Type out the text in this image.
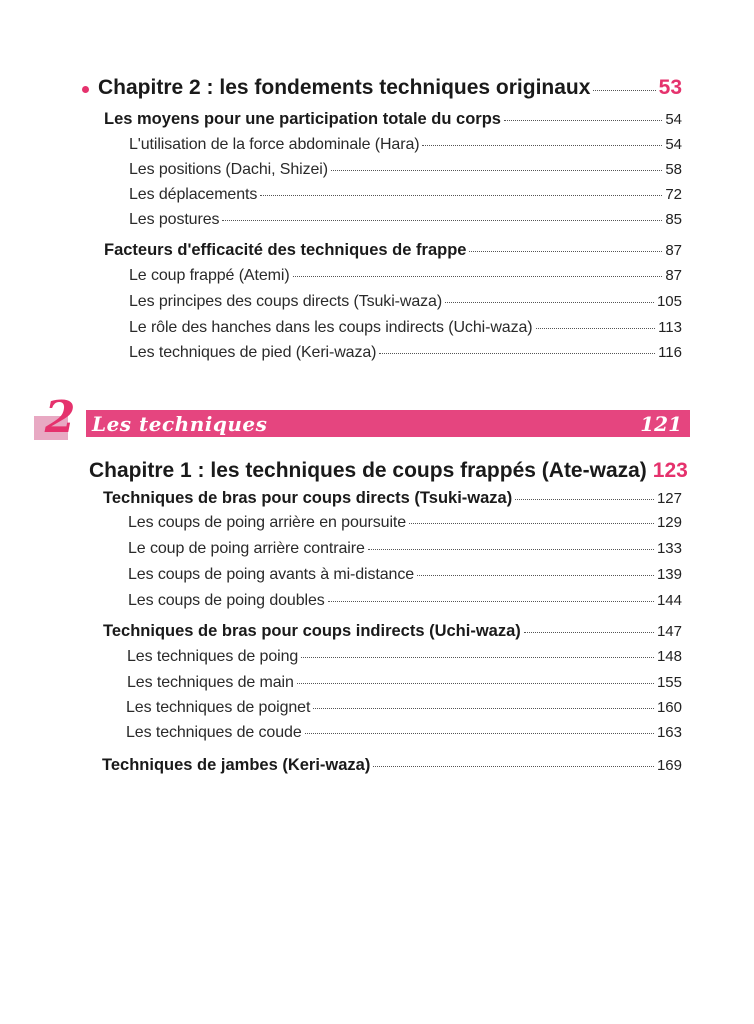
Chapitre 2 : les fondements techniques originaux	53
Les moyens pour une participation totale du corps	54
L'utilisation de la force abdominale (Hara)	54
Les positions (Dachi, Shizei)	58
Les déplacements	72
Les postures	85
Facteurs d'efficacité des techniques de frappe	87
Le coup frappé (Atemi)	87
Les principes des coups directs (Tsuki-waza)	105
Le rôle des hanches dans les coups indirects (Uchi-waza)	113
Les techniques de pied (Keri-waza)	116
2 Les techniques	121
Chapitre 1 : les techniques de coups frappés (Ate-waza) 123
Techniques de bras pour coups directs (Tsuki-waza)	127
Les coups de poing arrière en poursuite	129
Le coup de poing arrière contraire	133
Les coups de poing avants à mi-distance	139
Les coups de poing doubles	144
Techniques de bras pour coups indirects (Uchi-waza)	147
Les techniques de poing	148
Les techniques de main	155
Les techniques de poignet	160
Les techniques de coude	163
Techniques de jambes (Keri-waza)	169
